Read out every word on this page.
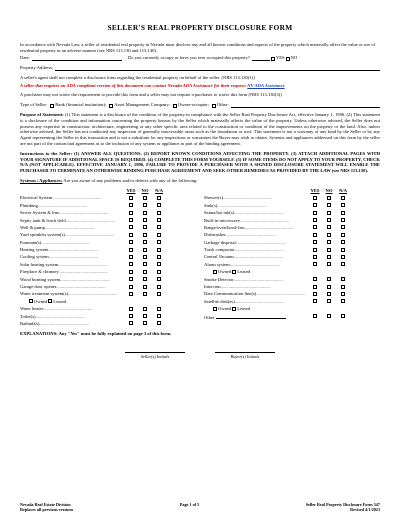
SELLER'S REAL PROPERTY DISCLOSURE FORM

In accordance with Nevada Law, a seller of residential real property in Nevada must disclose any and all known conditions and aspects of the property which materially affect the value or use of residential property in an adverse manner (see NRS 113.130 and 113.140).

Date:	Do you currently occupy or have you ever occupied this property?	YES NO
Property Address:

A seller's agent shall not complete a disclosure form regarding the residential property on behalf of the seller. (NRS 113.130(1))

A seller that requires an ADA compliant version of this document can contact Nevada ADA Assistance for their request: NV ADA Assistance

A purchaser may not waive the requirement to provide this form and a seller may not require a purchaser to waive this form (NRS 113.130(3))

Type of Seller: Bank (financial institution); Asset Management Company; Owner-occupier; Other:

Purpose of Statement: (1) This statement is a disclosure of the condition of the property in compliance with the Seller Real Property Disclosure Act, effective January 1, 1996. (2) This statement is a disclosure of the condition and information concerning the property known by the Seller which materially affects the value of the property. Unless otherwise advised, the Seller does not possess any expertise in construction, architecture, engineering or any other specific area related to the construction or condition of the improvements on the property or the land. Also, unless otherwise advised, the Seller has not conducted any inspection of generally inaccessible areas such as the foundation or roof. This statement is not a warranty of any kind by the Seller or by any Agent representing the Seller in this transaction and is not a substitute for any inspections or warranties the Buyer may wish to obtain. Systems and appliances addressed on this form by the seller are not part of the contractual agreement as to the inclusion of any system or appliance as part of the binding agreement.

Instructions to the Seller: (1) ANSWER ALL QUESTIONS. (2) REPORT KNOWN CONDITIONS AFFECTING THE PROPERTY. (3) ATTACH ADDITIONAL PAGES WITH YOUR SIGNATURE IF ADDITIONAL SPACE IS REQUIRED. (4) COMPLETE THIS FORM YOURSELF. (5) IF SOME ITEMS DO NOT APPLY TO YOUR PROPERTY, CHECK N/A (NOT APPLICABLE). EFFECTIVE JANUARY 1, 1996, FAILURE TO PROVIDE A PURCHASER WITH A SIGNED DISCLOSURE STATEMENT WILL ENABLE THE PURCHASER TO TERMINATE AN OTHERWISE BINDING PURCHASE AGREEMENT AND SEEK OTHER REMEDIES AS PROVIDED BY THE LAW (see NRS 113.150).

Systems / Appliances: Are you aware of any problems and/or defects with any of the following:

YES	NO	N/A
Electrical System...........................................
Plumbing...........................................
Sewer System & line...........................................
Septic tank & leach field...........................................
Well & pump...........................................
Yard sprinkler system(s)...........................................
Fountain(s)...........................................
Heating system...........................................
Cooling system...........................................
Solar heating system...........................................
Fireplace & chimney...........................................
Wood burning system...........................................
Garage door opener...........................................
Water treatment system(s)...........................................
Owned Leased
Water heater...........................................
Toilet(s)...........................................
Bathtub(s)...........................................
YES	NO	N/A
Shower(s)...........................................
Sink(s)...........................................
Sauna/hot tub(s)...........................................
Built-in microwave...........................................
Range/oven/hood-fan...........................................
Dishwasher...........................................
Garbage disposal...........................................
Trash compactor...........................................
Central Vacuum...........................................
Alarm system...........................................
Owned Leased
Smoke Detector...........................................
Intercom...........................................
Data Communication line(s)...........................................
Satellite dish(es)...........................................
Owned Leased
Other

EXPLANATIONS: Any "Yes" must be fully explained on page 3 of this form.

Seller(s) Initials	Buyer(s) Initials
Nevada Real Estate Division
Replaces all previous versions
Page 1 of 5	Seller Real Property Disclosure Form 547
Revised 4/1/2023
